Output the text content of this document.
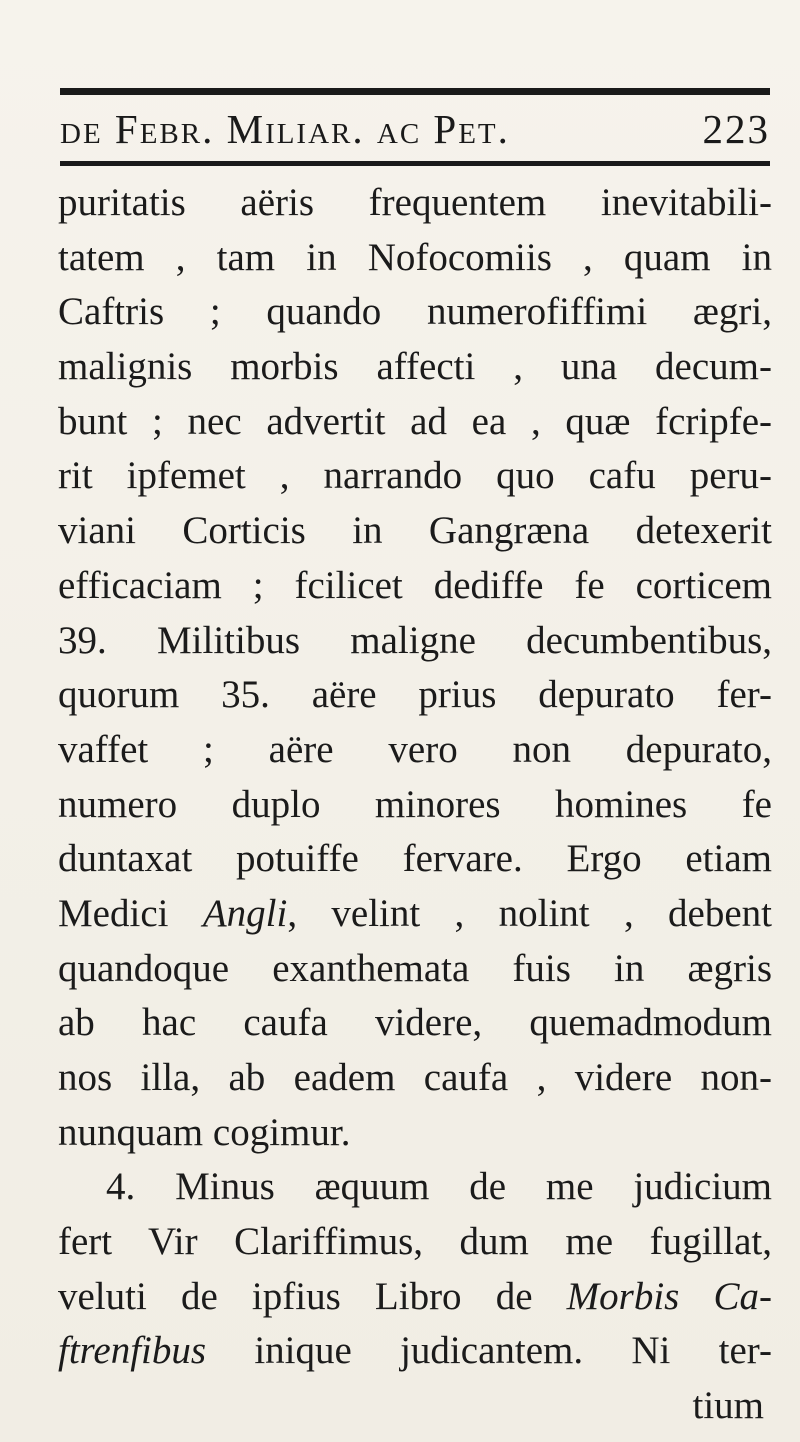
de Febr. Miliar. ac Pet.	223
puritatis aëris frequentem inevitabili-
tatem , tam in Nofocomiis , quam in
Caftris ; quando numerofiffimi ægri,
malignis morbis affecti , una decum-
bunt ; nec advertit ad ea , quæ fcripfe-
rit ipfemet , narrando quo cafu peru-
viani Corticis in Gangræna detexerit
efficaciam ; fcilicet dediffe fe corticem
39. Militibus maligne decumbentibus,
quorum 35. aëre prius depurato fer-
vaffet ; aëre vero non depurato,
numero duplo minores homines fe
duntaxat potuiffe fervare. Ergo etiam
Medici Angli, velint , nolint , debent
quandoque exanthemata fuis in ægris
ab hac caufa videre, quemadmodum
nos illa, ab eadem caufa , videre non-
nunquam cogimur.
4. Minus æquum de me judicium
fert Vir Clariffimus, dum me fugillat,
veluti de ipfius Libro de Morbis Ca-
ftrenfibus inique judicantem. Ni ter-
tium
